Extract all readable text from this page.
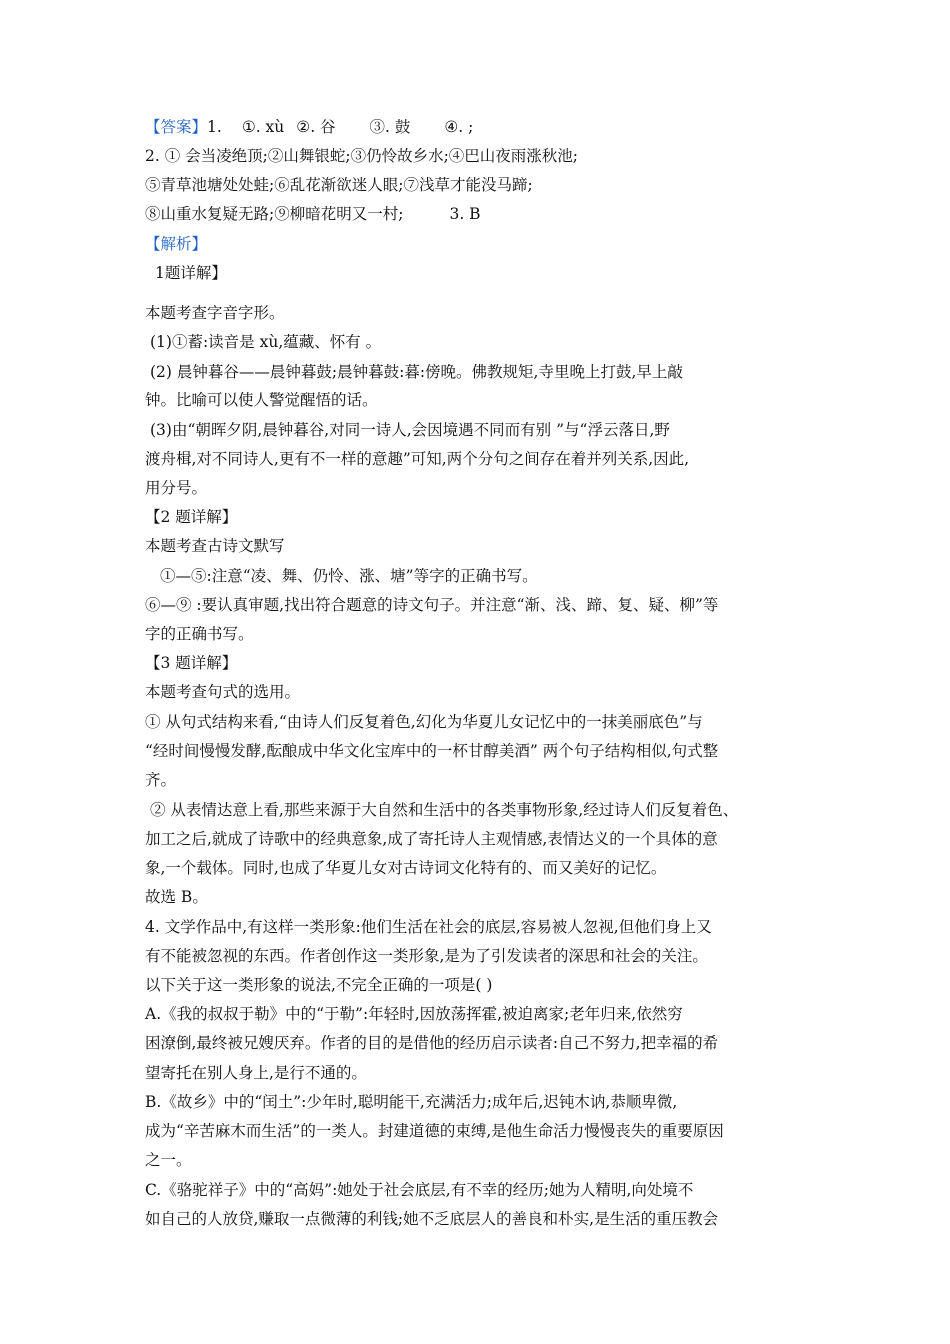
【答案】1. ①. xù ②. 谷 ③. 鼓 ④. ;
2. ① 会当凌绝顶;②山舞银蛇;③仍怜故乡水;④巴山夜雨涨秋池;
⑤青草池塘处处蛙;⑥乱花渐欲迷人眼;⑦浅草才能没马蹄;
⑧山重水复疑无路;⑨柳暗花明又一村;	3. B
【解析】
1题详解】
本题考查字音字形。
(1)①蓄:读音是 xù,蕴藏、怀有 。
(2) 晨钟暮谷——晨钟暮鼓;晨钟暮鼓:暮:傍晚。佛教规矩,寺里晚上打鼓,早上敲
钟。比喻可以使人警觉醒悟的话。
(3)由“朝晖夕阴,晨钟暮谷,对同一诗人,会因境遇不同而有别 ”与“浮云落日,野
渡舟楫,对不同诗人,更有不一样的意趣”可知,两个分句之间存在着并列关系,因此,
用分号。
【2 题详解】
本题考查古诗文默写
①—⑤:注意“凌、舞、仍怜、涨、塘”等字的正确书写。
⑥—⑨ :要认真审题,找出符合题意的诗文句子。并注意“渐、浅、蹄、复、疑、柳”等
字的正确书写。
【3 题详解】
本题考查句式的选用。
① 从句式结构来看,“由诗人们反复着色,幻化为华夏儿女记忆中的一抹美丽底色”与
“经时间慢慢发酵,酝酿成中华文化宝库中的一杯甘醇美酒” 两个句子结构相似,句式整
齐。
② 从表情达意上看,那些来源于大自然和生活中的各类事物形象,经过诗人们反复着色、
加工之后,就成了诗歌中的经典意象,成了寄托诗人主观情感,表情达义的一个具体的意
象,一个载体。同时,也成了华夏儿女对古诗词文化特有的、而又美好的记忆。
故选 B。
4. 文学作品中,有这样一类形象:他们生活在社会的底层,容易被人忽视,但他们身上又
有不能被忽视的东西。作者创作这一类形象,是为了引发读者的深思和社会的关注。
以下关于这一类形象的说法,不完全正确的一项是( )
A.《我的叔叔于勒》中的“于勒”:年轻时,因放荡挥霍,被迫离家;老年归来,依然穷
困潦倒,最终被兄嫂厌弃。作者的目的是借他的经历启示读者:自己不努力,把幸福的希
望寄托在别人身上,是行不通的。
B.《故乡》中的“闰土”:少年时,聪明能干,充满活力;成年后,迟钝木讷,恭顺卑微,
成为“辛苦麻木而生活”的一类人。封建道德的束缚,是他生命活力慢慢丧失的重要原因
之一。
C.《骆驼祥子》中的“高妈”:她处于社会底层,有不幸的经历;她为人精明,向处境不
如自己的人放贷,赚取一点微薄的利钱;她不乏底层人的善良和朴实,是生活的重压教会
